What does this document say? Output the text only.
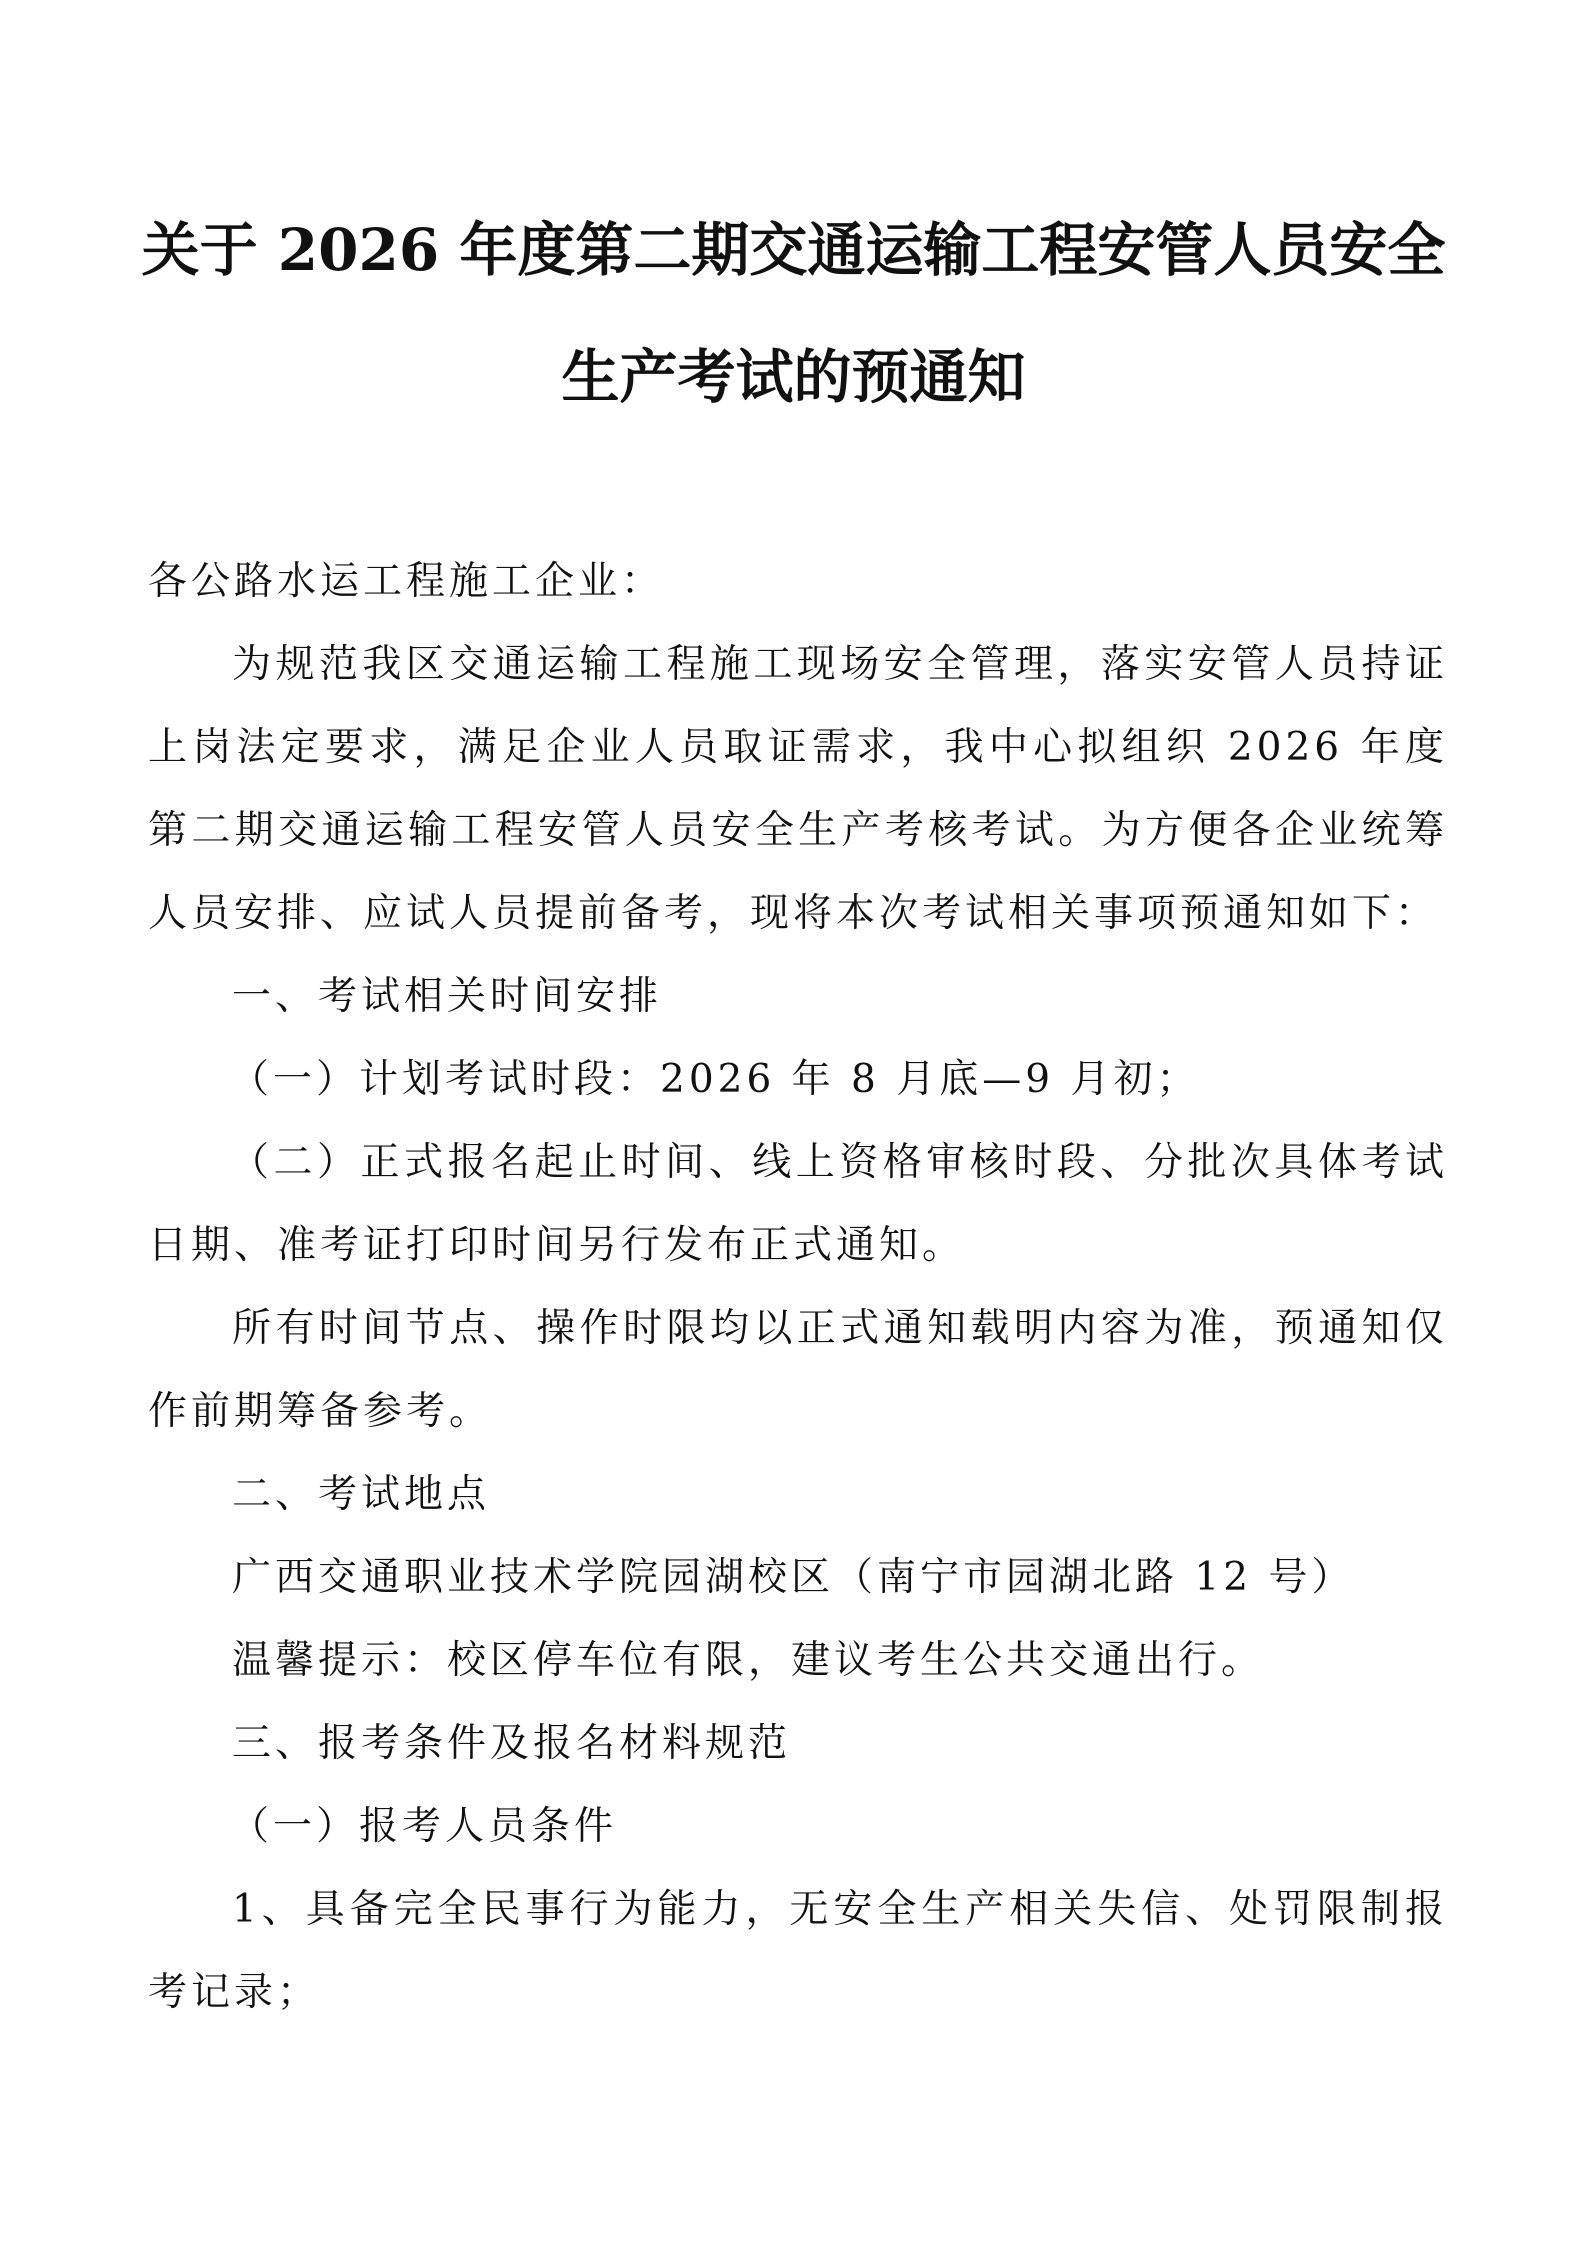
关于 2026 年度第二期交通运输工程安管人员安全
生产考试的预通知

各公路水运工程施工企业：

为规范我区交通运输工程施工现场安全管理，落实安管人员持证上岗法定要求，满足企业人员取证需求，我中心拟组织 2026 年度第二期交通运输工程安管人员安全生产考核考试。为方便各企业统筹人员安排、应试人员提前备考，现将本次考试相关事项预通知如下：

一、考试相关时间安排

（一）计划考试时段：2026 年 8 月底—9 月初；

（二）正式报名起止时间、线上资格审核时段、分批次具体考试日期、准考证打印时间另行发布正式通知。

所有时间节点、操作时限均以正式通知载明内容为准，预通知仅作前期筹备参考。

二、考试地点

广西交通职业技术学院园湖校区（南宁市园湖北路 12 号）

温馨提示：校区停车位有限，建议考生公共交通出行。

三、报考条件及报名材料规范

（一）报考人员条件

1、具备完全民事行为能力，无安全生产相关失信、处罚限制报考记录；
